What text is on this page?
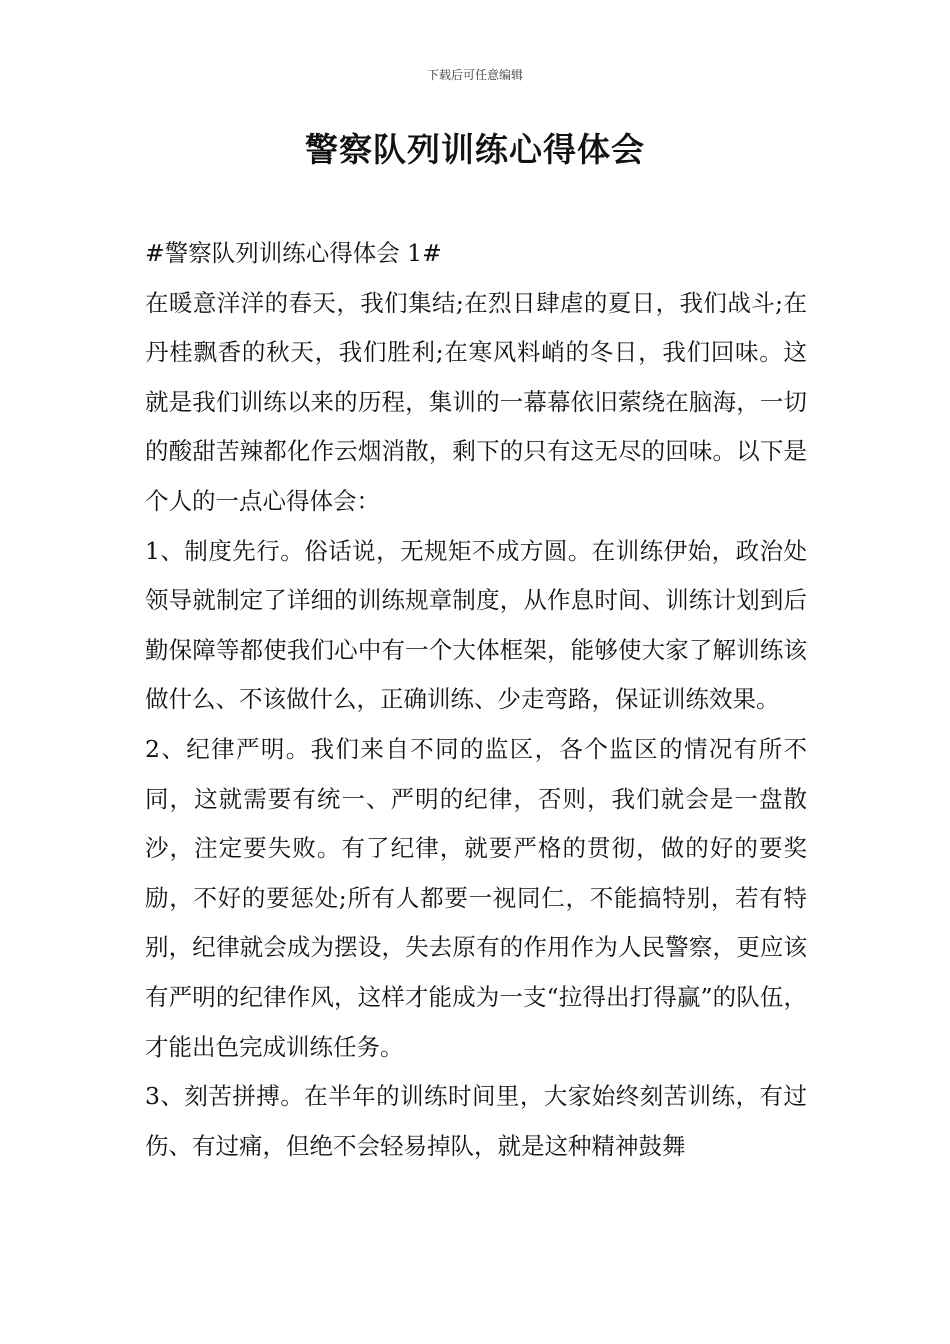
下载后可任意编辑
警察队列训练心得体会

#警察队列训练心得体会 1#

在暖意洋洋的春天，我们集结;在烈日肆虐的夏日，我们战斗;在丹桂飘香的秋天，我们胜利;在寒风料峭的冬日，我们回味。这就是我们训练以来的历程，集训的一幕幕依旧萦绕在脑海，一切的酸甜苦辣都化作云烟消散，剩下的只有这无尽的回味。以下是个人的一点心得体会：

1、制度先行。俗话说，无规矩不成方圆。在训练伊始，政治处领导就制定了详细的训练规章制度，从作息时间、训练计划到后勤保障等都使我们心中有一个大体框架，能够使大家了解训练该做什么、不该做什么，正确训练、少走弯路，保证训练效果。

2、纪律严明。我们来自不同的监区，各个监区的情况有所不同，这就需要有统一、严明的纪律，否则，我们就会是一盘散沙，注定要失败。有了纪律，就要严格的贯彻，做的好的要奖励，不好的要惩处;所有人都要一视同仁，不能搞特别，若有特别，纪律就会成为摆设，失去原有的作用作为人民警察，更应该有严明的纪律作风，这样才能成为一支“拉得出打得赢”的队伍，才能出色完成训练任务。

3、刻苦拼搏。在半年的训练时间里，大家始终刻苦训练，有过伤、有过痛，但绝不会轻易掉队，就是这种精神鼓舞
